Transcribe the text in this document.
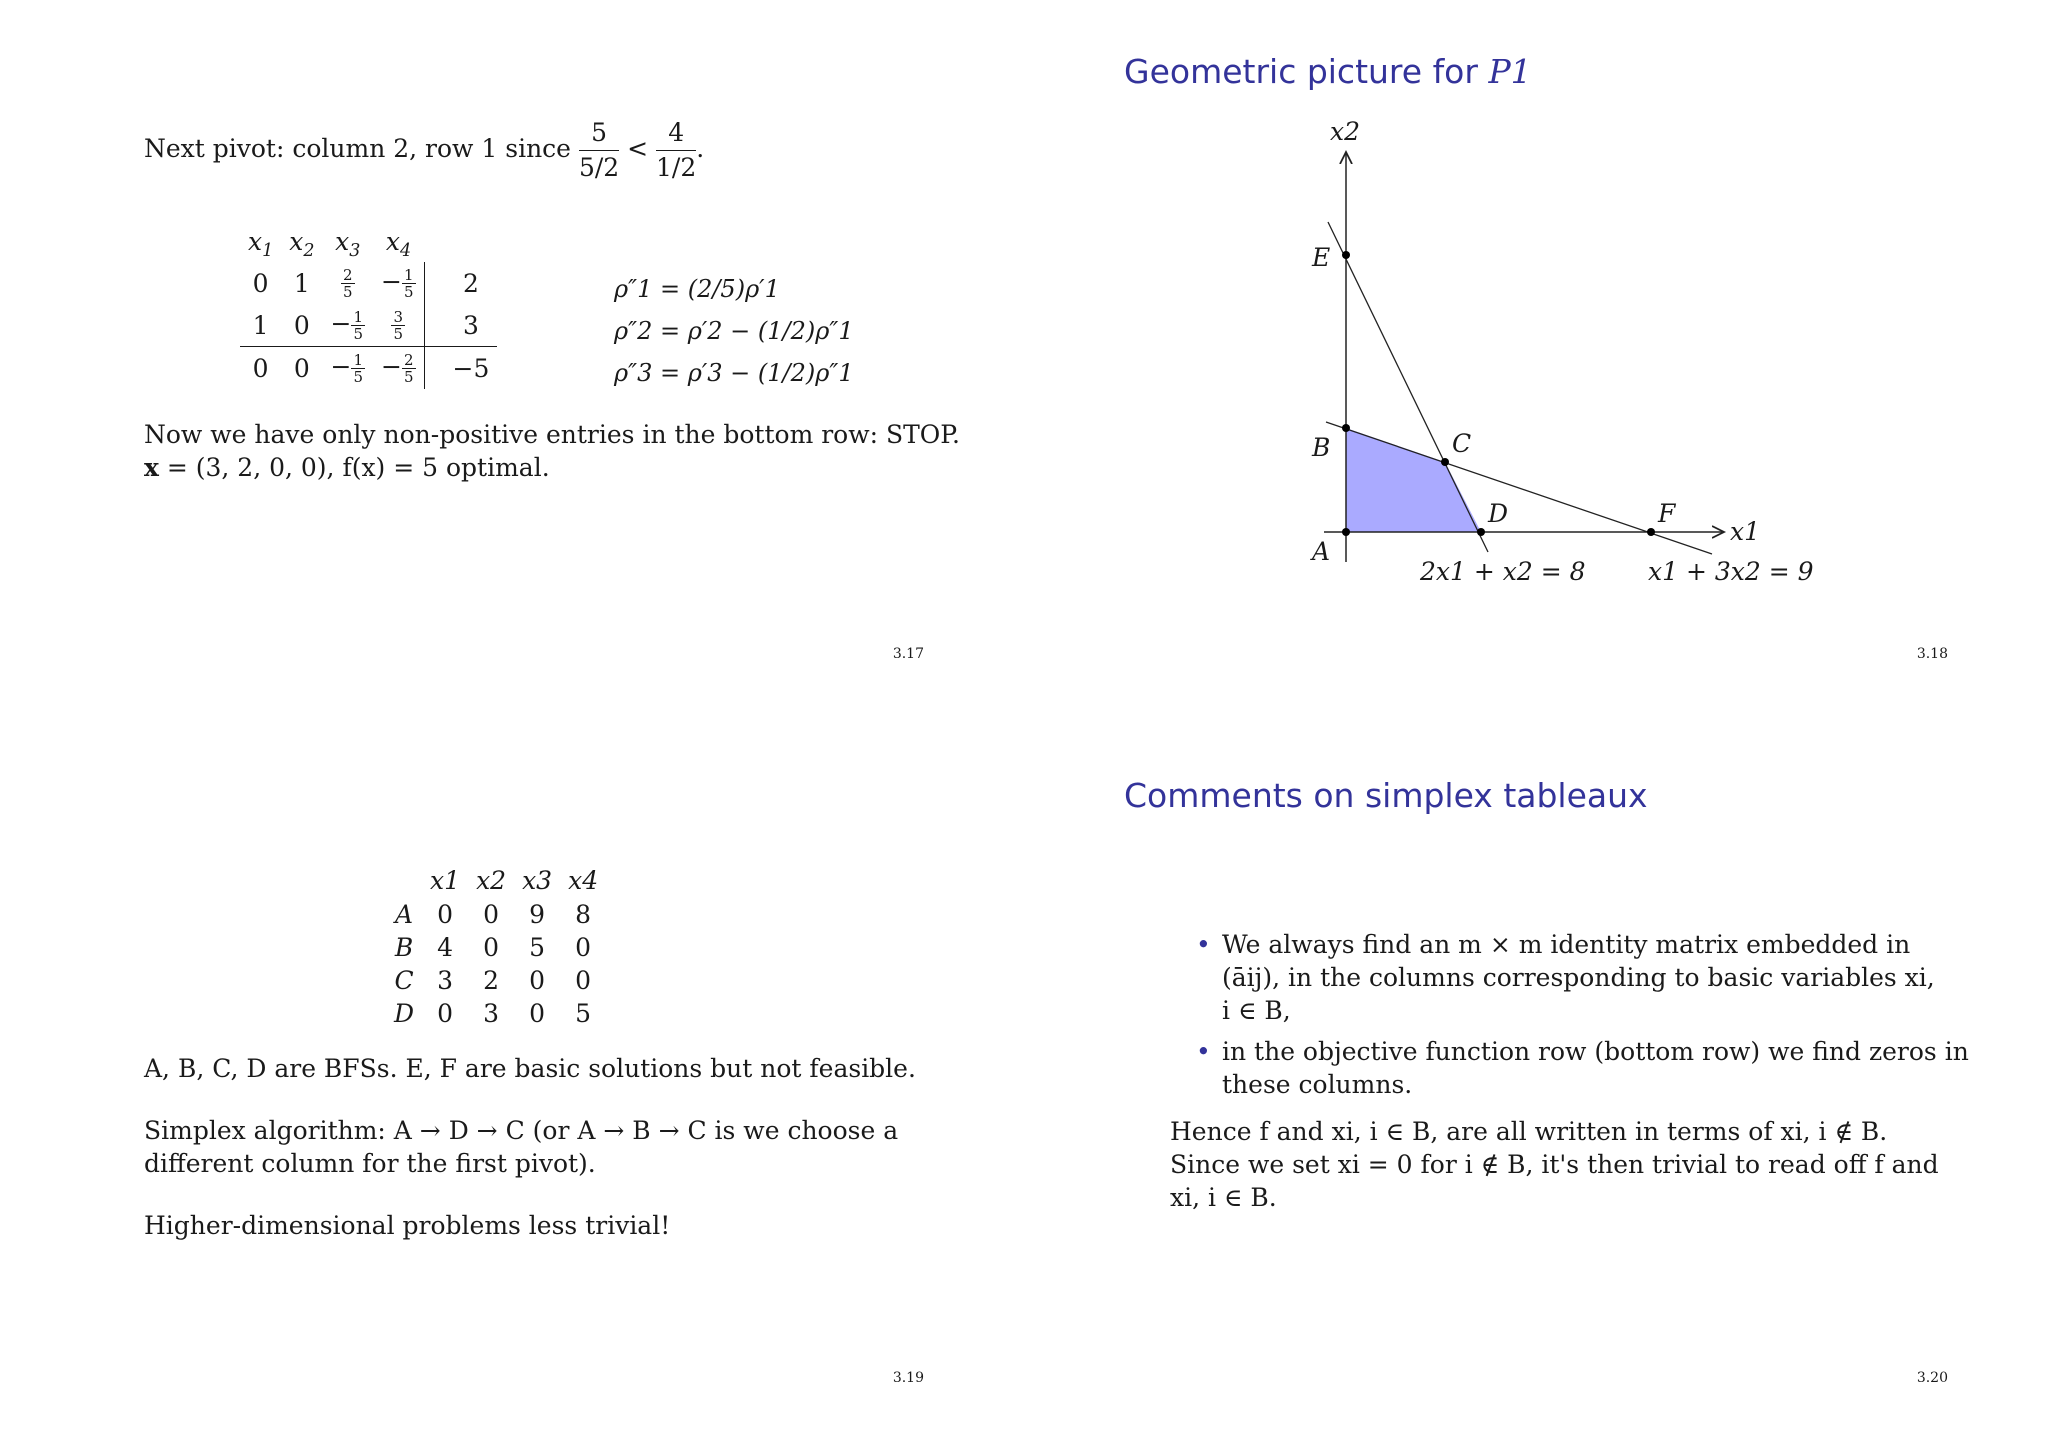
Next pivot: column 2, row 1 since $\frac{5}{5/2} < \frac{4}{1/2}$ .
$x_1$	$x_2$	$x_3$	$x_4$	
0	1	$\frac{2}{5}$	− $\frac{1}{5}$	2
1	0	− $\frac{1}{5}$	$\frac{3}{5}$	3
0	0	− $\frac{1}{5}$	− $\frac{2}{5}$	−5
ρ″1 = (2/5)ρ′1
ρ″2 = ρ′2 − (1/2)ρ″1
ρ″3 = ρ′3 − (1/2)ρ″1
Now we have only non-positive entries in the bottom row: STOP.
x = (3, 2, 0, 0), f(x) = 5 optimal.
3.17
Geometric picture for P1
x2
x1
A
B	C
D
E
F
2x1 + x2 = 8 x1 + 3x2 = 9
3.18
	x1	x2	x3	x4
A	0	0	9	8
B	4	0	5	0
C	3	2	0	0
D	0	3	0	5
A, B, C, D are BFSs. E, F are basic solutions but not feasible.
Simplex algorithm: A → D → C (or A → B → C is we choose a
different column for the first pivot).
Higher-dimensional problems less trivial!
3.19
Comments on simplex tableaux
• We always find an m × m identity matrix embedded in
(āij), in the columns corresponding to basic variables xi,
i ∈ B,
• in the objective function row (bottom row) we find zeros in
these columns.
Hence f and xi, i ∈ B, are all written in terms of xi, i ∉ B.
Since we set xi = 0 for i ∉ B, it's then trivial to read off f and
xi, i ∈ B.
3.20
